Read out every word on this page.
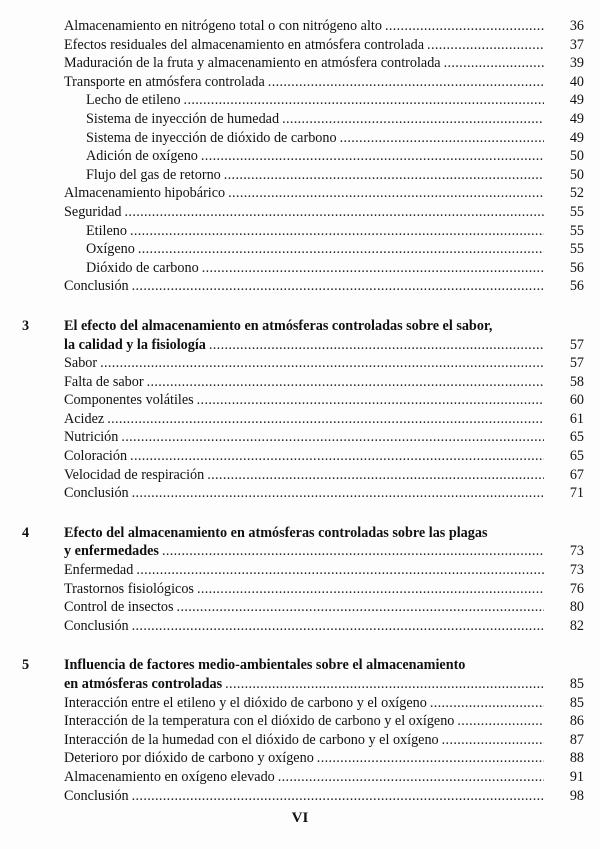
Almacenamiento en nitrógeno total o con nitrógeno alto . . .	36
Efectos residuales del almacenamiento en atmósfera controlada . . .	37
Maduración de la fruta y almacenamiento en atmósfera controlada . . .	39
Transporte en atmósfera controlada . . .	40
Lecho de etileno . . .	49
Sistema de inyección de humedad . . .	49
Sistema de inyección de dióxido de carbono . . .	49
Adición de oxígeno . . .	50
Flujo del gas de retorno . . .	50
Almacenamiento hipobárico . . .	52
Seguridad . . .	55
Etileno . . .	55
Oxígeno . . .	55
Dióxido de carbono . . .	56
Conclusión . . .	56
3 El efecto del almacenamiento en atmósferas controladas sobre el sabor,
la calidad y la fisiología . . .	57
Sabor . . .	57
Falta de sabor . . .	58
Componentes volátiles . . .	60
Acidez . . .	61
Nutrición . . .	65
Coloración . . .	65
Velocidad de respiración . . .	67
Conclusión . . .	71
4 Efecto del almacenamiento en atmósferas controladas sobre las plagas
y enfermedades . . .	73
Enfermedad . . .	73
Trastornos fisiológicos . . .	76
Control de insectos . . .	80
Conclusión . . .	82
5 Influencia de factores medio-ambientales sobre el almacenamiento
en atmósferas controladas . . .	85
Interacción entre el etileno y el dióxido de carbono y el oxígeno . . .	85
Interacción de la temperatura con el dióxido de carbono y el oxígeno . . .	86
Interacción de la humedad con el dióxido de carbono y el oxígeno . . .	87
Deterioro por dióxido de carbono y oxígeno . . .	88
Almacenamiento en oxígeno elevado . . .	91
Conclusión . . .	98
VI
